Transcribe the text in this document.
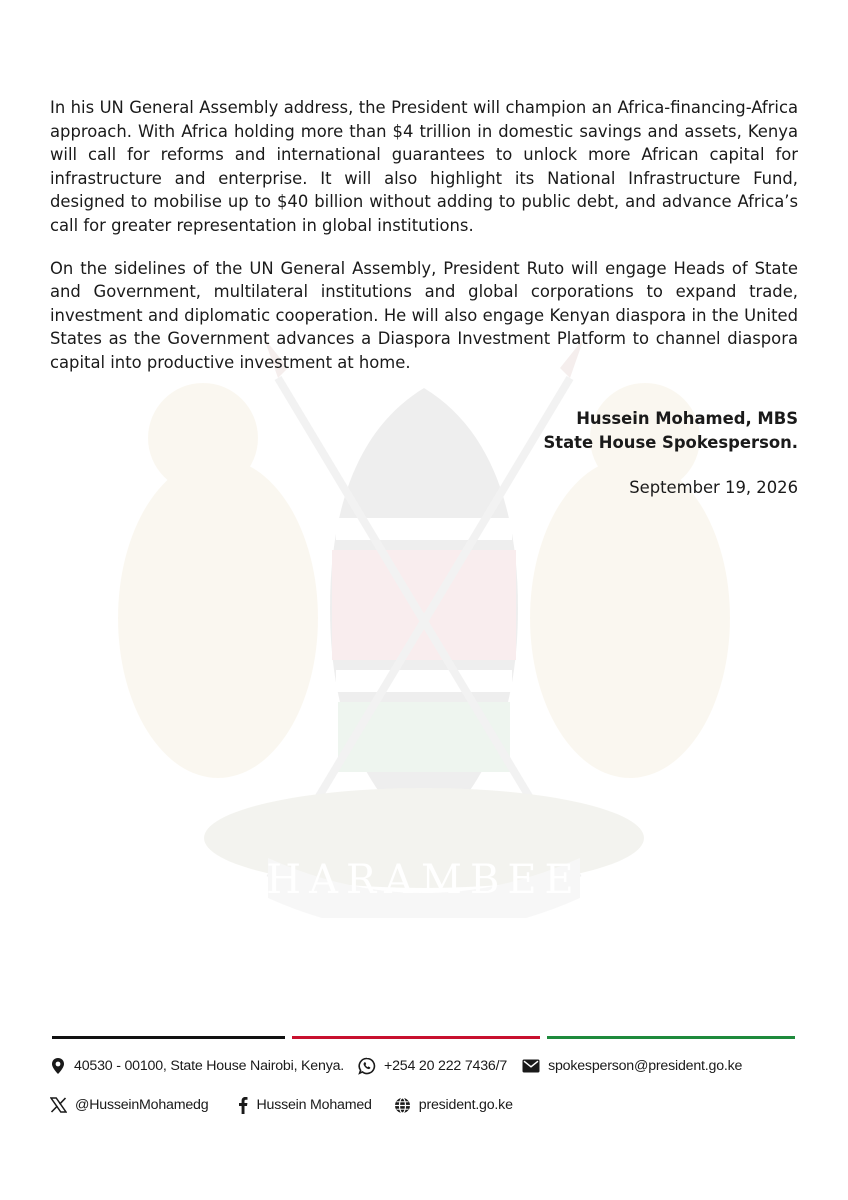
HARAMBEE

In his UN General Assembly address, the President will champion an Africa-financing-Africa approach. With Africa holding more than $4 trillion in domestic savings and assets, Kenya will call for reforms and international guarantees to unlock more African capital for infrastructure and enterprise. It will also highlight its National Infrastructure Fund, designed to mobilise up to $40 billion without adding to public debt, and advance Africa’s call for greater representation in global institutions.

On the sidelines of the UN General Assembly, President Ruto will engage Heads of State and Government, multilateral institutions and global corporations to expand trade, investment and diplomatic cooperation. He will also engage Kenyan diaspora in the United States as the Government advances a Diaspora Investment Platform to channel diaspora capital into productive investment at home.

Hussein Mohamed, MBS
State House Spokesperson.
September 19, 2026
40530 - 00100, State House Nairobi, Kenya.	+254 20 222 7436/7	spokesperson@president.go.ke
@HusseinMohamedg	Hussein Mohamed	president.go.ke
